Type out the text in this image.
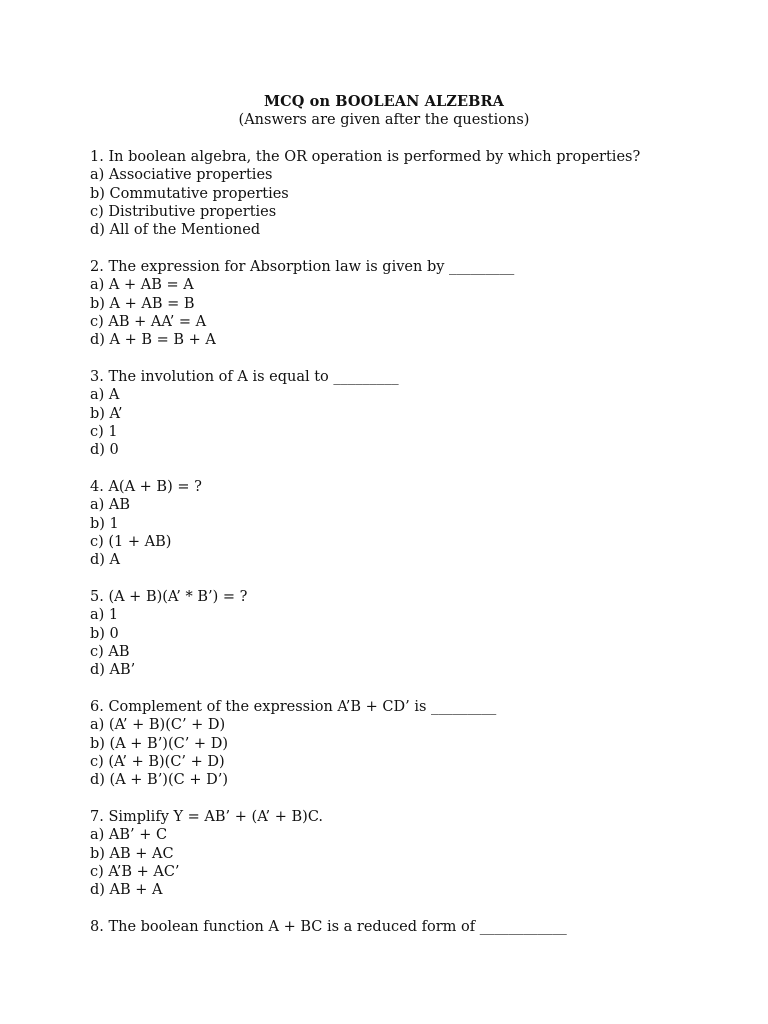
MCQ on BOOLEAN ALZEBRA
(Answers are given after the questions)
1. In boolean algebra, the OR operation is performed by which properties?
a) Associative properties
b) Commutative properties
c) Distributive properties
d) All of the Mentioned
2. The expression for Absorption law is given by _________
a) A + AB = A
b) A + AB = B
c) AB + AA’ = A
d) A + B = B + A
3. The involution of A is equal to _________
a) A
b) A’
c) 1
d) 0
4. A(A + B) = ?
a) AB
b) 1
c) (1 + AB)
d) A
5. (A + B)(A’ * B’) = ?
a) 1
b) 0
c) AB
d) AB’
6. Complement of the expression A’B + CD’ is _________
a) (A’ + B)(C’ + D)
b) (A + B’)(C’ + D)
c) (A’ + B)(C’ + D)
d) (A + B’)(C + D’)
7. Simplify Y = AB’ + (A’ + B)C.
a) AB’ + C
b) AB + AC
c) A’B + AC’
d) AB + A
8. The boolean function A + BC is a reduced form of ____________
